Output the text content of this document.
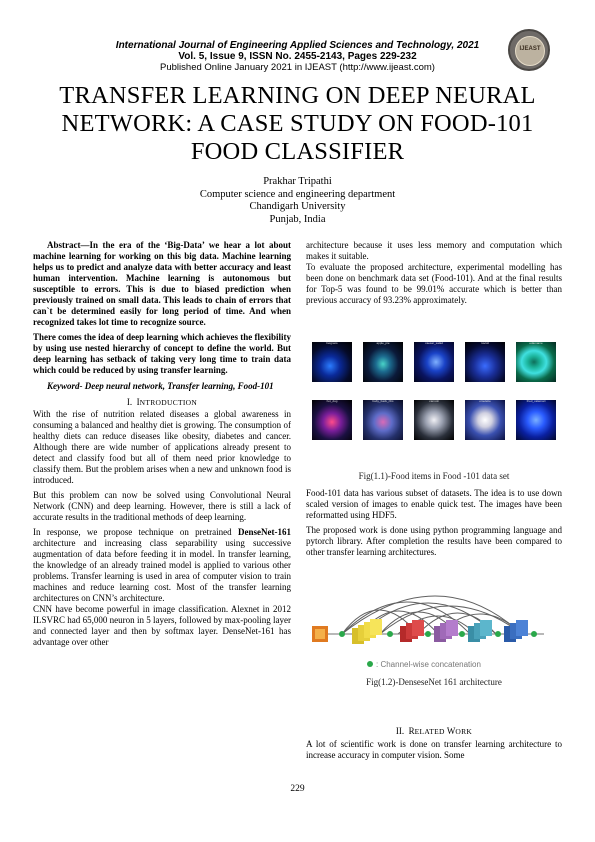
International Journal of Engineering Applied Sciences and Technology, 2021
Vol. 5, Issue 9, ISSN No. 2455-2143, Pages 229-232
Published Online January 2021 in IJEAST (http://www.ijeast.com)
IJEAST
TRANSFER LEARNING ON DEEP NEURAL
NETWORK: A CASE STUDY ON FOOD-101
FOOD CLASSIFIER
Prakhar Tripathi
Computer science and engineering department
Chandigarh University
Punjab, India

Abstract—In the era of the ‘Big-Data’ we hear a lot about machine learning for working on this big data. Machine learning helps us to predict and analyze data with better accuracy and least human intervention. Machine learning is autonomous but susceptible to errors. This is due to biased prediction when previously trained on small data. This leads to chain of errors that can`t be determined easily for long period of time. And when recognized takes lot time to recognize source.

There comes the idea of deep learning which achieves the flexibility by using use nested hierarchy of concept to define the world. But deep learning has setback of taking very long time to train data which could be reduced by using transfer learning.

Keyword- Deep neural network, Transfer learning, Food-101

I. INTRODUCTION

With the rise of nutrition related diseases a global awareness in consuming a balanced and healthy diet is growing. The consumption of healthy diets can reduce diseases like obesity, diabetes and cancer. Although there are wide number of applications already present to detect and classify food but all of them need prior knowledge to classify them. But the problem arises when a new and unknown food is introduced.

But this problem can now be solved using Convolutional Neural Network (CNN) and deep learning. However, there is still a lack of accurate results in the traditional methods of deep learning.

In response, we propose technique on pretrained DenseNet-161 architecture and increasing class separability using successive augmentation of data before feeding it in model. In transfer learning, the knowledge of an already trained model is applied to various other problems. Transfer learning is used in area of computer vision to train machines and reduce learning cost. Most of the transfer learning architectures on CNN’s architecture.

CNN have become powerful in image classification. Alexnet in 2012 ILSVRC had 65,000 neuron in 5 layers, followed by max-pooling layer and connected layer and then by softmax layer. DenseNet-161 has advantage over other

architecture because it uses less memory and computation which makes it suitable.

To evaluate the proposed architecture, experimental modelling has been done on benchmark data set (Food-101). And at the final results for Top-5 was found to be 99.01% accurate which is better than previous accuracy of 93.23% approximately.

beignets	apple_pie	caesar_salad	ravioli	edamame
hot_dog	baby_back_ribs	cannoli	omelette	fried_calamari
Fig(1.1)-Food items in Food -101 data set

Food-101 data has various subset of datasets. The idea is to use down scaled version of images to enable quick test. The images have been reformatted using HDF5.

The proposed work is done using python programming language and pytorch library. After completion the results have been compared to other transfer learning architectures.

: Channel-wise concatenation
Fig(1.2)-DenseseNet 161 architecture
II. RELATED WORK

A lot of scientific work is done on transfer learning architecture to increase accuracy in computer vision. Some

229
